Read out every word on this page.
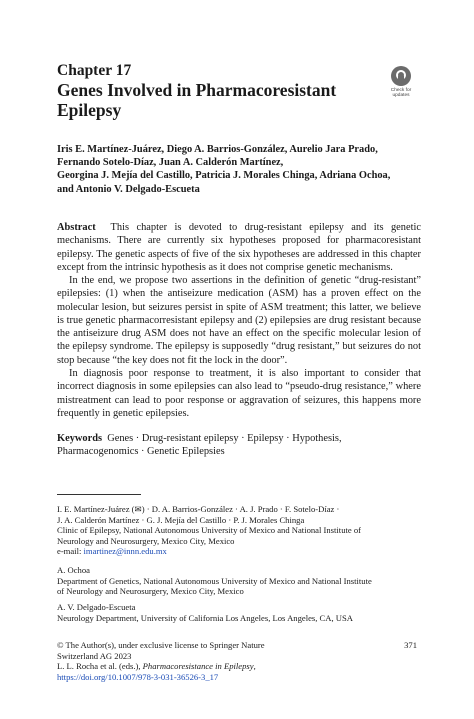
Chapter 17
Genes Involved in Pharmacoresistant Epilepsy
Check for
updates
Iris E. Martínez-Juárez, Diego A. Barrios-González, Aurelio Jara Prado,
Fernando Sotelo-Díaz, Juan A. Calderón Martínez,
Georgina J. Mejía del Castillo, Patricia J. Morales Chinga, Adriana Ochoa,
and Antonio V. Delgado-Escueta
Abstract This chapter is devoted to drug-resistant epilepsy and its genetic mechanisms. There are currently six hypotheses proposed for pharmacoresistant epilepsy. The genetic aspects of five of the six hypotheses are addressed in this chapter except from the intrinsic hypothesis as it does not comprise genetic mechanisms.
In the end, we propose two assertions in the definition of genetic “drug-resistant” epilepsies: (1) when the antiseizure medication (ASM) has a proven effect on the molecular lesion, but seizures persist in spite of ASM treatment; this latter, we believe is true genetic pharmacorresistant epilepsy and (2) epilepsies are drug resistant because the antiseizure drug ASM does not have an effect on the specific molecular lesion of the epilepsy syndrome. The epilepsy is supposedly “drug resistant,” but seizures do not stop because “the key does not fit the lock in the door”.
In diagnosis poor response to treatment, it is also important to consider that incorrect diagnosis in some epilepsies can also lead to “pseudo-drug resistance,” where mistreatment can lead to poor response or aggravation of seizures, this happens more frequently in genetic epilepsies.
Keywords Genes · Drug-resistant epilepsy · Epilepsy · Hypothesis, Pharmacogenomics · Genetic Epilepsies
I. E. Martínez-Juárez (✉) · D. A. Barrios-González · A. J. Prado · F. Sotelo-Díaz ·
J. A. Calderón Martínez · G. J. Mejía del Castillo · P. J. Morales Chinga
Clinic of Epilepsy, National Autonomous University of Mexico and National Institute of
Neurology and Neurosurgery, Mexico City, Mexico
e-mail: imartinez@innn.edu.mx
A. Ochoa
Department of Genetics, National Autonomous University of Mexico and National Institute
of Neurology and Neurosurgery, Mexico City, Mexico
A. V. Delgado-Escueta
Neurology Department, University of California Los Angeles, Los Angeles, CA, USA
© The Author(s), under exclusive license to Springer Nature
Switzerland AG 2023
L. L. Rocha et al. (eds.), Pharmacoresistance in Epilepsy,
https://doi.org/10.1007/978-3-031-36526-3_17
371
